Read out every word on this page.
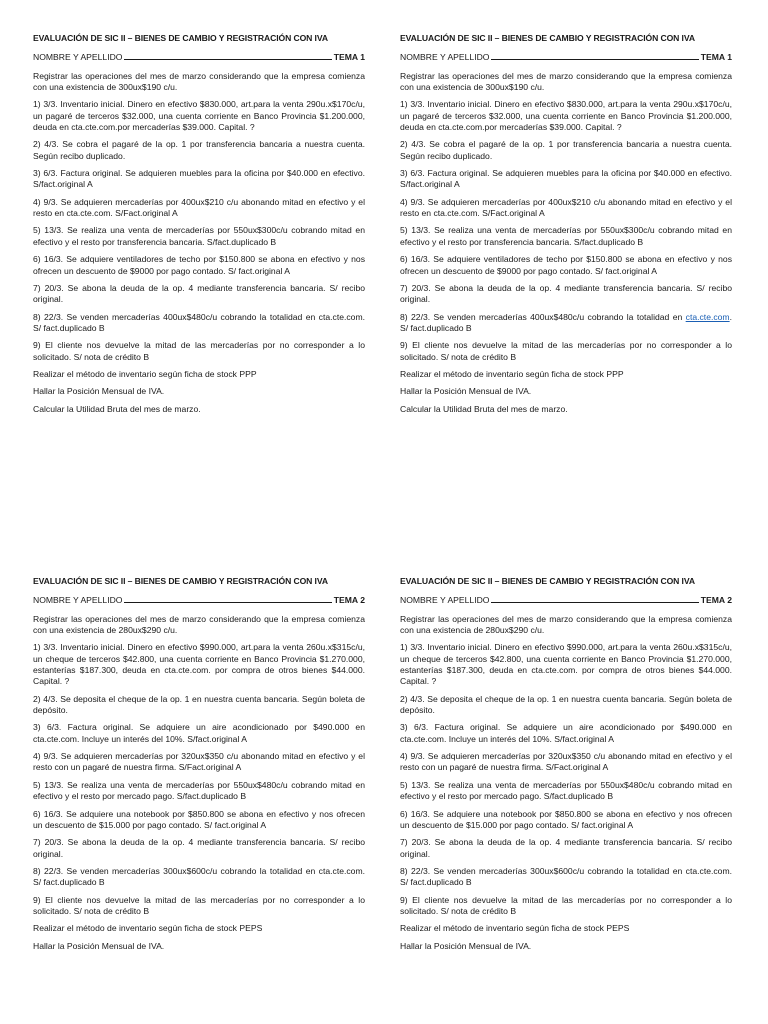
EVALUACIÓN DE SIC II – BIENES DE CAMBIO Y REGISTRACIÓN CON IVA
NOMBRE Y APELLIDO	TEMA 1

Registrar las operaciones del mes de marzo considerando que la empresa comienza con una existencia de 300ux$190 c/u.

1) 3/3. Inventario inicial. Dinero en efectivo $830.000, art.para la venta 290u.x$170c/u, un pagaré de terceros $32.000, una cuenta corriente en Banco Provincia $1.200.000, deuda en cta.cte.com.por mercaderías $39.000. Capital. ?

2) 4/3. Se cobra el pagaré de la op. 1 por transferencia bancaria a nuestra cuenta. Según recibo duplicado.

3) 6/3. Factura original. Se adquieren muebles para la oficina por $40.000 en efectivo. S/fact.original A

4) 9/3. Se adquieren mercaderías por 400ux$210 c/u abonando mitad en efectivo y el resto en cta.cte.com. S/Fact.original A

5) 13/3. Se realiza una venta de mercaderías por 550ux$300c/u cobrando mitad en efectivo y el resto por transferencia bancaria. S/fact.duplicado B

6) 16/3. Se adquiere ventiladores de techo por $150.800 se abona en efectivo y nos ofrecen un descuento de $9000 por pago contado. S/ fact.original A

7) 20/3. Se abona la deuda de la op. 4 mediante transferencia bancaria. S/ recibo original.

8) 22/3. Se venden mercaderías 400ux$480c/u cobrando la totalidad en cta.cte.com. S/ fact.duplicado B

9) El cliente nos devuelve la mitad de las mercaderías por no corresponder a lo solicitado. S/ nota de crédito B

Realizar el método de inventario según ficha de stock PPP

Hallar la Posición Mensual de IVA.

Calcular la Utilidad Bruta del mes de marzo.

EVALUACIÓN DE SIC II – BIENES DE CAMBIO Y REGISTRACIÓN CON IVA
NOMBRE Y APELLIDO	TEMA 1

Registrar las operaciones del mes de marzo considerando que la empresa comienza con una existencia de 300ux$190 c/u.

1) 3/3. Inventario inicial. Dinero en efectivo $830.000, art.para la venta 290u.x$170c/u, un pagaré de terceros $32.000, una cuenta corriente en Banco Provincia $1.200.000, deuda en cta.cte.com.por mercaderías $39.000. Capital. ?

2) 4/3. Se cobra el pagaré de la op. 1 por transferencia bancaria a nuestra cuenta. Según recibo duplicado.

3) 6/3. Factura original. Se adquieren muebles para la oficina por $40.000 en efectivo. S/fact.original A

4) 9/3. Se adquieren mercaderías por 400ux$210 c/u abonando mitad en efectivo y el resto en cta.cte.com. S/Fact.original A

5) 13/3. Se realiza una venta de mercaderías por 550ux$300c/u cobrando mitad en efectivo y el resto por transferencia bancaria. S/fact.duplicado B

6) 16/3. Se adquiere ventiladores de techo por $150.800 se abona en efectivo y nos ofrecen un descuento de $9000 por pago contado. S/ fact.original A

7) 20/3. Se abona la deuda de la op. 4 mediante transferencia bancaria. S/ recibo original.

8) 22/3. Se venden mercaderías 400ux$480c/u cobrando la totalidad en cta.cte.com. S/ fact.duplicado B

9) El cliente nos devuelve la mitad de las mercaderías por no corresponder a lo solicitado. S/ nota de crédito B

Realizar el método de inventario según ficha de stock PPP

Hallar la Posición Mensual de IVA.

Calcular la Utilidad Bruta del mes de marzo.

EVALUACIÓN DE SIC II – BIENES DE CAMBIO Y REGISTRACIÓN CON IVA
NOMBRE Y APELLIDO	TEMA 2

Registrar las operaciones del mes de marzo considerando que la empresa comienza con una existencia de 280ux$290 c/u.

1) 3/3. Inventario inicial. Dinero en efectivo $990.000, art.para la venta 260u.x$315c/u, un cheque de terceros $42.800, una cuenta corriente en Banco Provincia $1.270.000, estanterías $187.300, deuda en cta.cte.com. por compra de otros bienes $44.000. Capital. ?

2) 4/3. Se deposita el cheque de la op. 1 en nuestra cuenta bancaria. Según boleta de depósito.

3) 6/3. Factura original. Se adquiere un aire acondicionado por $490.000 en cta.cte.com. Incluye un interés del 10%. S/fact.original A

4) 9/3. Se adquieren mercaderías por 320ux$350 c/u abonando mitad en efectivo y el resto con un pagaré de nuestra firma. S/Fact.original A

5) 13/3. Se realiza una venta de mercaderías por 550ux$480c/u cobrando mitad en efectivo y el resto por mercado pago. S/fact.duplicado B

6) 16/3. Se adquiere una notebook por $850.800 se abona en efectivo y nos ofrecen un descuento de $15.000 por pago contado. S/ fact.original A

7) 20/3. Se abona la deuda de la op. 4 mediante transferencia bancaria. S/ recibo original.

8) 22/3. Se venden mercaderías 300ux$600c/u cobrando la totalidad en cta.cte.com. S/ fact.duplicado B

9) El cliente nos devuelve la mitad de las mercaderías por no corresponder a lo solicitado. S/ nota de crédito B

Realizar el método de inventario según ficha de stock PEPS

Hallar la Posición Mensual de IVA.

EVALUACIÓN DE SIC II – BIENES DE CAMBIO Y REGISTRACIÓN CON IVA
NOMBRE Y APELLIDO	TEMA 2

Registrar las operaciones del mes de marzo considerando que la empresa comienza con una existencia de 280ux$290 c/u.

1) 3/3. Inventario inicial. Dinero en efectivo $990.000, art.para la venta 260u.x$315c/u, un cheque de terceros $42.800, una cuenta corriente en Banco Provincia $1.270.000, estanterías $187.300, deuda en cta.cte.com. por compra de otros bienes $44.000. Capital. ?

2) 4/3. Se deposita el cheque de la op. 1 en nuestra cuenta bancaria. Según boleta de depósito.

3) 6/3. Factura original. Se adquiere un aire acondicionado por $490.000 en cta.cte.com. Incluye un interés del 10%. S/fact.original A

4) 9/3. Se adquieren mercaderías por 320ux$350 c/u abonando mitad en efectivo y el resto con un pagaré de nuestra firma. S/Fact.original A

5) 13/3. Se realiza una venta de mercaderías por 550ux$480c/u cobrando mitad en efectivo y el resto por mercado pago. S/fact.duplicado B

6) 16/3. Se adquiere una notebook por $850.800 se abona en efectivo y nos ofrecen un descuento de $15.000 por pago contado. S/ fact.original A

7) 20/3. Se abona la deuda de la op. 4 mediante transferencia bancaria. S/ recibo original.

8) 22/3. Se venden mercaderías 300ux$600c/u cobrando la totalidad en cta.cte.com. S/ fact.duplicado B

9) El cliente nos devuelve la mitad de las mercaderías por no corresponder a lo solicitado. S/ nota de crédito B

Realizar el método de inventario según ficha de stock PEPS

Hallar la Posición Mensual de IVA.
